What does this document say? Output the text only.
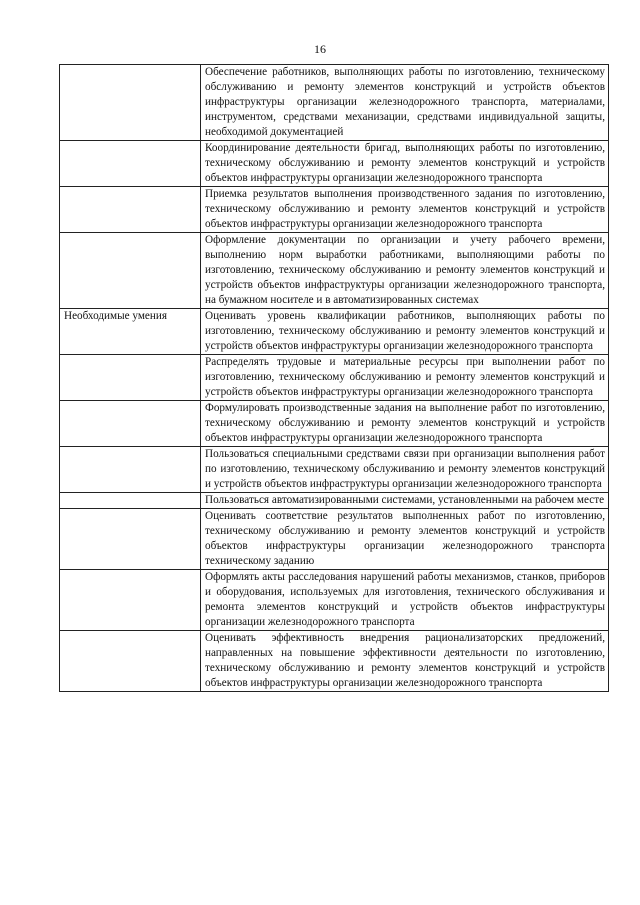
16
	Обеспечение работников, выполняющих работы по изготовлению, техническому обслуживанию и ремонту элементов конструкций и устройств объектов инфраструктуры организации железнодорожного транспорта, материалами, инструментом, средствами механизации, средствами индивидуальной защиты, необходимой документацией
	Координирование деятельности бригад, выполняющих работы по изготовлению, техническому обслуживанию и ремонту элементов конструкций и устройств объектов инфраструктуры организации железнодорожного транспорта
	Приемка результатов выполнения производственного задания по изготовлению, техническому обслуживанию и ремонту элементов конструкций и устройств объектов инфраструктуры организации железнодорожного транспорта
	Оформление документации по организации и учету рабочего времени, выполнению норм выработки работниками, выполняющими работы по изготовлению, техническому обслуживанию и ремонту элементов конструкций и устройств объектов инфраструктуры организации железнодорожного транспорта, на бумажном носителе и в автоматизированных системах
Необходимые умения	Оценивать уровень квалификации работников, выполняющих работы по изготовлению, техническому обслуживанию и ремонту элементов конструкций и устройств объектов инфраструктуры организации железнодорожного транспорта
	Распределять трудовые и материальные ресурсы при выполнении работ по изготовлению, техническому обслуживанию и ремонту элементов конструкций и устройств объектов инфраструктуры организации железнодорожного транспорта
	Формулировать производственные задания на выполнение работ по изготовлению, техническому обслуживанию и ремонту элементов конструкций и устройств объектов инфраструктуры организации железнодорожного транспорта
	Пользоваться специальными средствами связи при организации выполнения работ по изготовлению, техническому обслуживанию и ремонту элементов конструкций и устройств объектов инфраструктуры организации железнодорожного транспорта
	Пользоваться автоматизированными системами, установленными на рабочем месте
	Оценивать соответствие результатов выполненных работ по изготовлению, техническому обслуживанию и ремонту элементов конструкций и устройств объектов инфраструктуры организации железнодорожного транспорта техническому заданию
	Оформлять акты расследования нарушений работы механизмов, станков, приборов и оборудования, используемых для изготовления, технического обслуживания и ремонта элементов конструкций и устройств объектов инфраструктуры организации железнодорожного транспорта
	Оценивать эффективность внедрения рационализаторских предложений, направленных на повышение эффективности деятельности по изготовлению, техническому обслуживанию и ремонту элементов конструкций и устройств объектов инфраструктуры организации железнодорожного транспорта
